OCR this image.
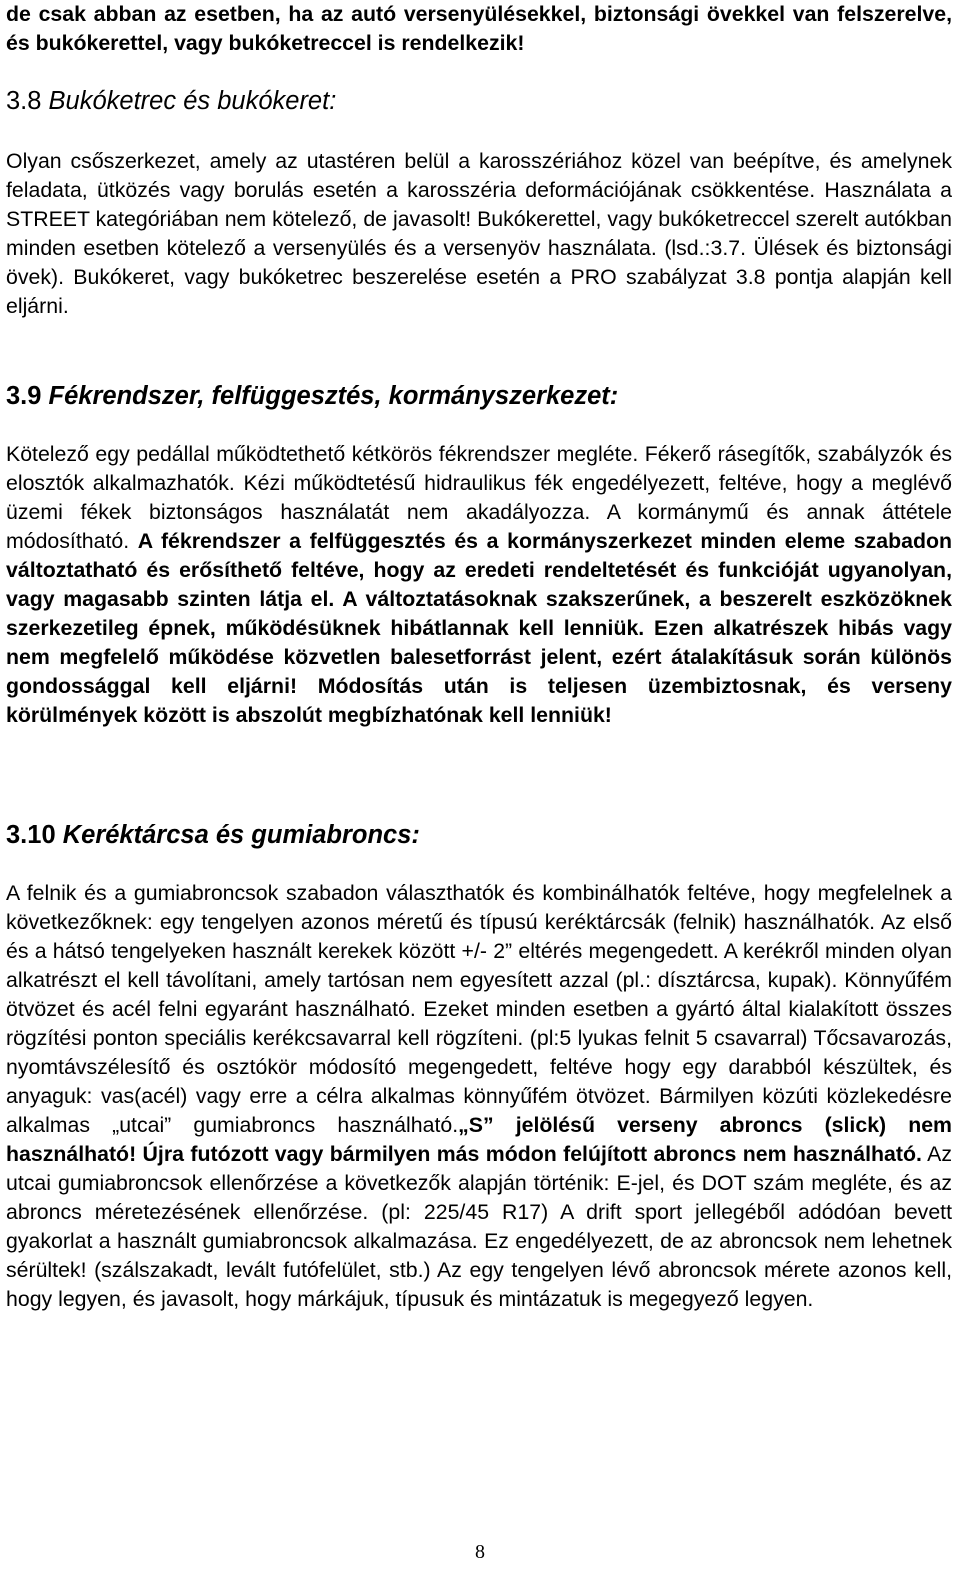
de csak abban az esetben, ha az autó versenyülésekkel, biztonsági övekkel van felszerelve, és bukókerettel, vagy bukóketreccel is rendelkezik!

3.8 Bukóketrec és bukókeret:

Olyan csőszerkezet, amely az utastéren belül a karosszériához közel van beépítve, és amelynek feladata, ütközés vagy borulás esetén a karosszéria deformációjának csökkentése. Használata a STREET kategóriában nem kötelező, de javasolt! Bukókerettel, vagy bukóketreccel szerelt autókban minden esetben kötelező a versenyülés és a versenyöv használata. (lsd.:3.7. Ülések és biztonsági övek). Bukókeret, vagy bukóketrec beszerelése esetén a PRO szabályzat 3.8 pontja alapján kell eljárni.

3.9 Fékrendszer, felfüggesztés, kormányszerkezet:

Kötelező egy pedállal működtethető kétkörös fékrendszer megléte. Fékerő rásegítők, szabályzók és elosztók alkalmazhatók. Kézi működtetésű hidraulikus fék engedélyezett, feltéve, hogy a meglévő üzemi fékek biztonságos használatát nem akadályozza. A kormánymű és annak áttétele módosítható. A fékrendszer a felfüggesztés és a kormányszerkezet minden eleme szabadon változtatható és erősíthető feltéve, hogy az eredeti rendeltetését és funkcióját ugyanolyan, vagy magasabb szinten látja el. A változtatásoknak szakszerűnek, a beszerelt eszközöknek szerkezetileg épnek, működésüknek hibátlannak kell lenniük. Ezen alkatrészek hibás vagy nem megfelelő működése közvetlen balesetforrást jelent, ezért átalakításuk során különös gondossággal kell eljárni! Módosítás után is teljesen üzembiztosnak, és verseny körülmények között is abszolút megbízhatónak kell lenniük!

3.10 Keréktárcsa és gumiabroncs:

A felnik és a gumiabroncsok szabadon választhatók és kombinálhatók feltéve, hogy megfelelnek a következőknek: egy tengelyen azonos méretű és típusú keréktárcsák (felnik) használhatók. Az első és a hátsó tengelyeken használt kerekek között +/- 2” eltérés megengedett. A kerékről minden olyan alkatrészt el kell távolítani, amely tartósan nem egyesített azzal (pl.: dísztárcsa, kupak). Könnyűfém ötvözet és acél felni egyaránt használható. Ezeket minden esetben a gyártó által kialakított összes rögzítési ponton speciális kerékcsavarral kell rögzíteni. (pl:5 lyukas felnit 5 csavarral) Tőcsavarozás, nyomtávszélesítő és osztókör módosító megengedett, feltéve hogy egy darabból készültek, és anyaguk: vas(acél) vagy erre a célra alkalmas könnyűfém ötvözet. Bármilyen közúti közlekedésre alkalmas „utcai” gumiabroncs használható.„S” jelölésű verseny abroncs (slick) nem használható! Újra futózott vagy bármilyen más módon felújított abroncs nem használható. Az utcai gumiabroncsok ellenőrzése a következők alapján történik: E-jel, és DOT szám megléte, és az abroncs méretezésének ellenőrzése. (pl: 225/45 R17) A drift sport jellegéből adódóan bevett gyakorlat a használt gumiabroncsok alkalmazása. Ez engedélyezett, de az abroncsok nem lehetnek sérültek! (szálszakadt, levált futófelület, stb.) Az egy tengelyen lévő abroncsok mérete azonos kell, hogy legyen, és javasolt, hogy márkájuk, típusuk és mintázatuk is megegyező legyen.

8
